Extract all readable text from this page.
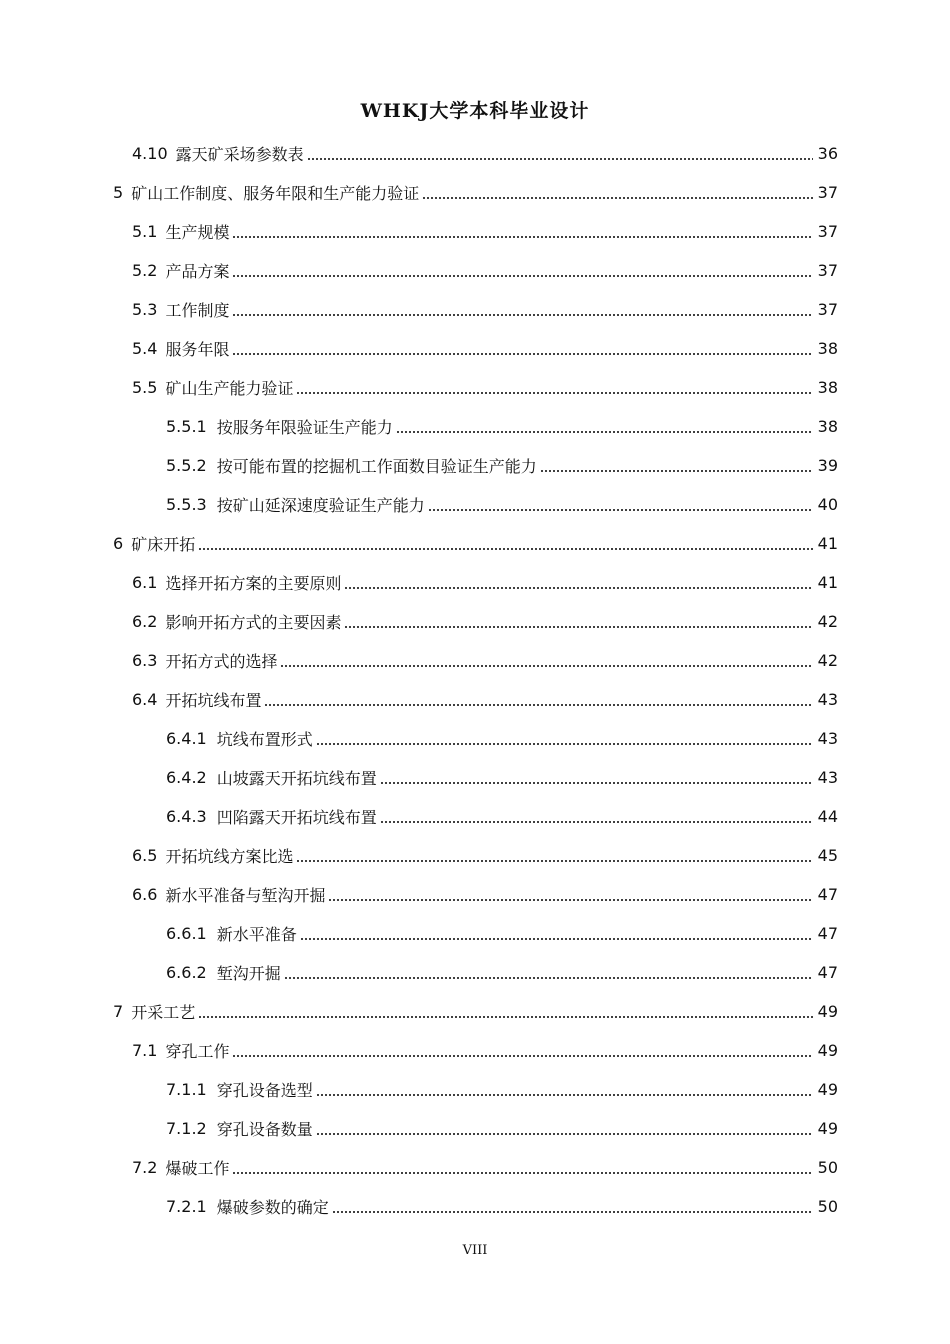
WHKJ大学本科毕业设计
4.10 露天矿采场参数表	36
5 矿山工作制度、服务年限和生产能力验证	37
5.1 生产规模	37
5.2 产品方案	37
5.3 工作制度	37
5.4 服务年限	38
5.5 矿山生产能力验证	38
5.5.1 按服务年限验证生产能力	38
5.5.2 按可能布置的挖掘机工作面数目验证生产能力	39
5.5.3 按矿山延深速度验证生产能力	40
6 矿床开拓	41
6.1 选择开拓方案的主要原则	41
6.2 影响开拓方式的主要因素	42
6.3 开拓方式的选择	42
6.4 开拓坑线布置	43
6.4.1 坑线布置形式	43
6.4.2 山坡露天开拓坑线布置	43
6.4.3 凹陷露天开拓坑线布置	44
6.5 开拓坑线方案比选	45
6.6 新水平准备与堑沟开掘	47
6.6.1 新水平准备	47
6.6.2 堑沟开掘	47
7 开采工艺	49
7.1 穿孔工作	49
7.1.1 穿孔设备选型	49
7.1.2 穿孔设备数量	49
7.2 爆破工作	50
7.2.1 爆破参数的确定	50
VIII
